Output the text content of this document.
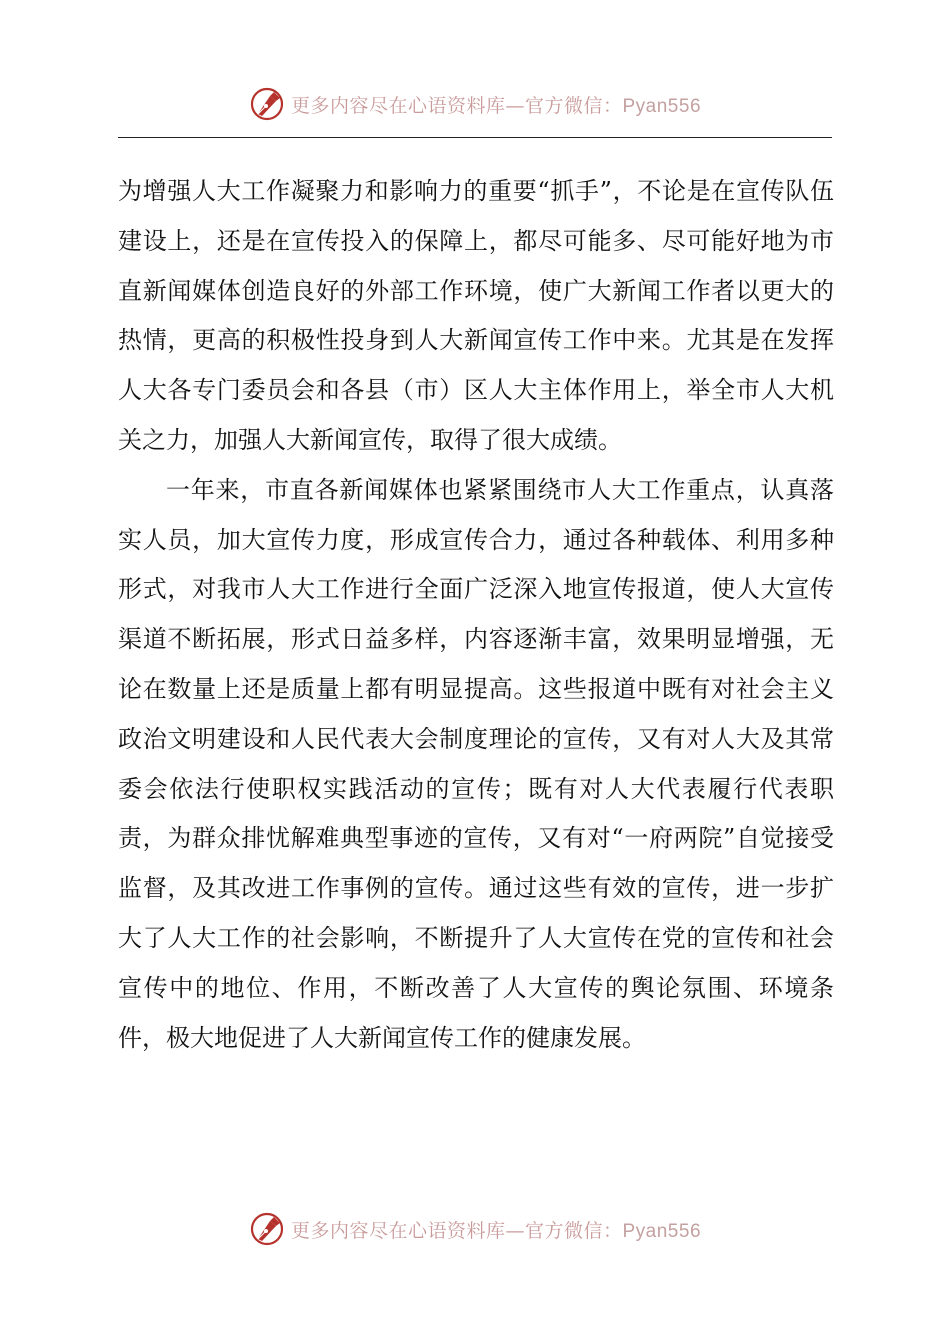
更多内容尽在心语资料库—官方微信：Pyan556

为增强人大工作凝聚力和影响力的重要“抓手”，不论是在宣传队伍建设上，还是在宣传投入的保障上，都尽可能多、尽可能好地为市直新闻媒体创造良好的外部工作环境，使广大新闻工作者以更大的热情，更高的积极性投身到人大新闻宣传工作中来。尤其是在发挥人大各专门委员会和各县（市）区人大主体作用上，举全市人大机关之力，加强人大新闻宣传，取得了很大成绩。

一年来，市直各新闻媒体也紧紧围绕市人大工作重点，认真落实人员，加大宣传力度，形成宣传合力，通过各种载体、利用多种形式，对我市人大工作进行全面广泛深入地宣传报道，使人大宣传渠道不断拓展，形式日益多样，内容逐渐丰富，效果明显增强，无论在数量上还是质量上都有明显提高。这些报道中既有对社会主义政治文明建设和人民代表大会制度理论的宣传，又有对人大及其常委会依法行使职权实践活动的宣传；既有对人大代表履行代表职责，为群众排忧解难典型事迹的宣传，又有对“一府两院”自觉接受监督，及其改进工作事例的宣传。通过这些有效的宣传，进一步扩大了人大工作的社会影响，不断提升了人大宣传在党的宣传和社会宣传中的地位、作用，不断改善了人大宣传的舆论氛围、环境条件，极大地促进了人大新闻宣传工作的健康发展。

更多内容尽在心语资料库—官方微信：Pyan556
